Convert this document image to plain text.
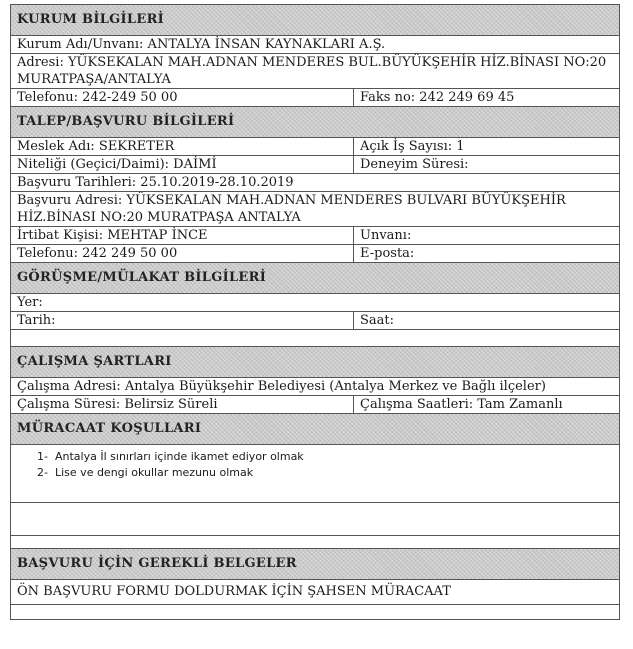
KURUM BİLGİLERİ
Kurum Adı/Unvanı: ANTALYA İNSAN KAYNAKLARI A.Ş.
Adresi: YÜKSEKALAN MAH.ADNAN MENDERES BUL.BÜYÜKŞEHİR HİZ.BİNASI NO:20 MURATPAŞA/ANTALYA
Telefonu: 242-249 50 00	Faks no: 242 249 69 45
TALEP/BAŞVURU BİLGİLERİ
Meslek Adı: SEKRETER	Açık İş Sayısı: 1
Niteliği (Geçici/Daimi): DAİMİ	Deneyim Süresi:
Başvuru Tarihleri: 25.10.2019-28.10.2019
Başvuru Adresi: YÜKSEKALAN MAH.ADNAN MENDERES BULVARI BÜYÜKŞEHİR HİZ.BİNASI NO:20 MURATPAŞA ANTALYA
İrtibat Kişisi: MEHTAP İNCE	Unvanı:
Telefonu: 242 249 50 00	E-posta:
GÖRÜŞME/MÜLAKAT BİLGİLERİ
Yer:
Tarih:	Saat:
ÇALIŞMA ŞARTLARI
Çalışma Adresi: Antalya Büyükşehir Belediyesi (Antalya Merkez ve Bağlı ilçeler)
Çalışma Süresi: Belirsiz Süreli	Çalışma Saatleri: Tam Zamanlı
MÜRACAAT KOŞULLARI
1- Antalya İl sınırları içinde ikamet ediyor olmak
2- Lise ve dengi okullar mezunu olmak
BAŞVURU İÇİN GEREKLİ BELGELER
ÖN BAŞVURU FORMU DOLDURMAK İÇİN ŞAHSEN MÜRACAAT
